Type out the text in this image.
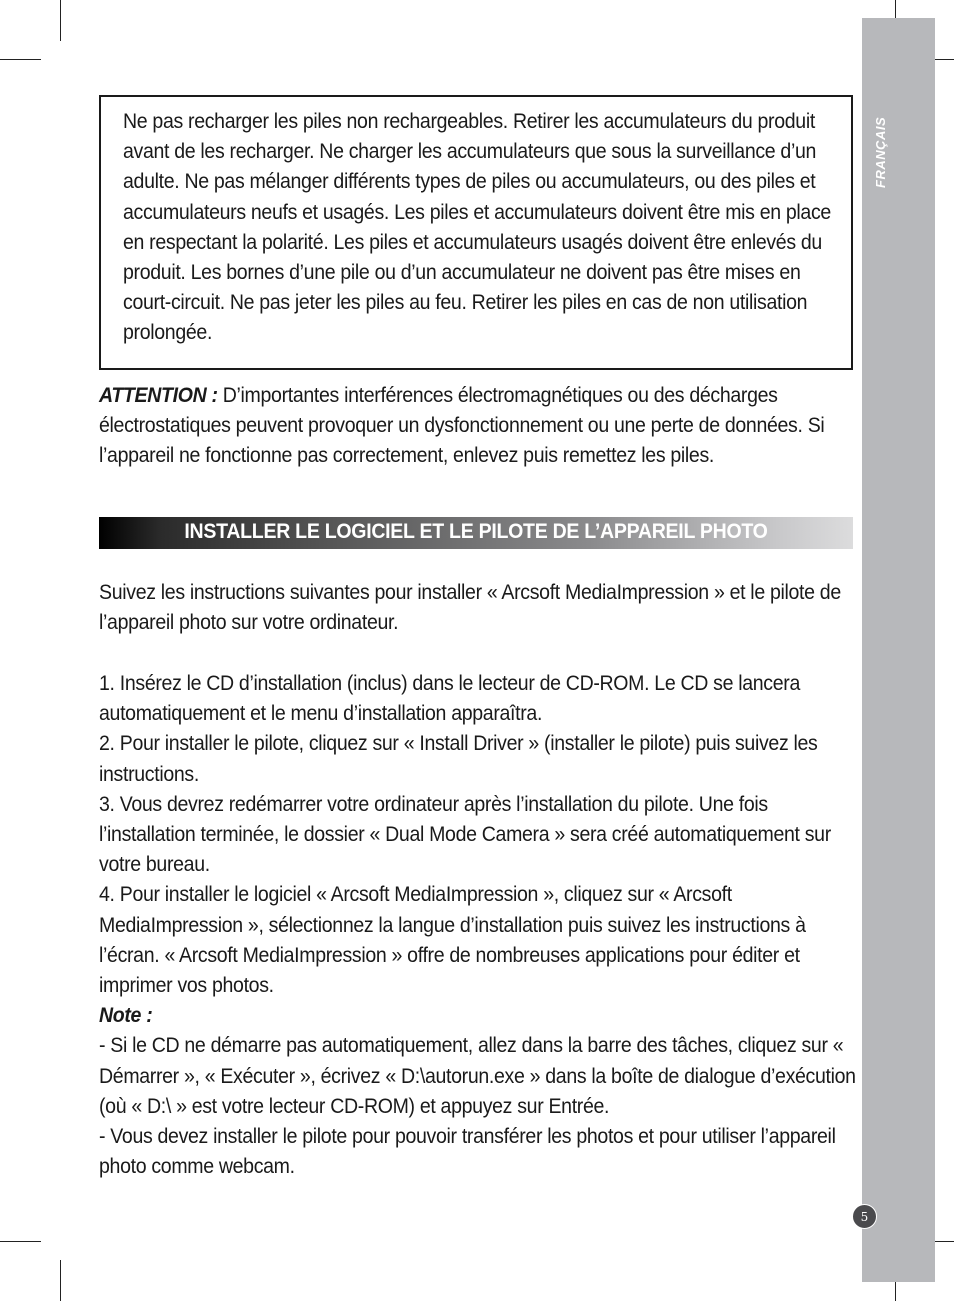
FRANÇAIS
Ne pas recharger les piles non rechargeables. Retirer les accumulateurs du produit avant de les recharger. Ne charger les accumulateurs que sous la surveillance d’un adulte. Ne pas mélanger différents types de piles ou accumulateurs, ou des piles et accumulateurs neufs et usagés. Les piles et accumulateurs doivent être mis en place en respectant la polarité. Les piles et accumulateurs usagés doivent être enlevés du produit. Les bornes d’une pile ou d’un accumulateur ne doivent pas être mises en court-circuit. Ne pas jeter les piles au feu. Retirer les piles en cas de non utilisation prolongée.

ATTENTION : D’importantes interférences électromagnétiques ou des décharges électrostatiques peuvent provoquer un dysfonctionnement ou une perte de données. Si l’appareil ne fonctionne pas correctement, enlevez puis remettez les piles.

INSTALLER LE LOGICIEL ET LE PILOTE DE L’APPAREIL PHOTO

Suivez les instructions suivantes pour installer « Arcsoft MediaImpression » et le pilote de l’appareil photo sur votre ordinateur.

1. Insérez le CD d’installation (inclus) dans le lecteur de CD-ROM. Le CD se lancera automatiquement et le menu d’installation apparaîtra.

2. Pour installer le pilote, cliquez sur « Install Driver » (installer le pilote) puis suivez les instructions.

3. Vous devrez redémarrer votre ordinateur après l’installation du pilote. Une fois l’installation terminée, le dossier « Dual Mode Camera » sera créé automatiquement sur votre bureau.

4. Pour installer le logiciel « Arcsoft MediaImpression », cliquez sur « Arcsoft MediaImpression », sélectionnez la langue d’installation puis suivez les instructions à l’écran. « Arcsoft MediaImpression » offre de nombreuses applications pour éditer et imprimer vos photos.

Note :

- Si le CD ne démarre pas automatiquement, allez dans la barre des tâches, cliquez sur « Démarrer », « Exécuter », écrivez « D:\autorun.exe » dans la boîte de dialogue d’exécution (où « D:\ » est votre lecteur CD-ROM) et appuyez sur Entrée.

- Vous devez installer le pilote pour pouvoir transférer les photos et pour utiliser l’appareil photo comme webcam.

5
